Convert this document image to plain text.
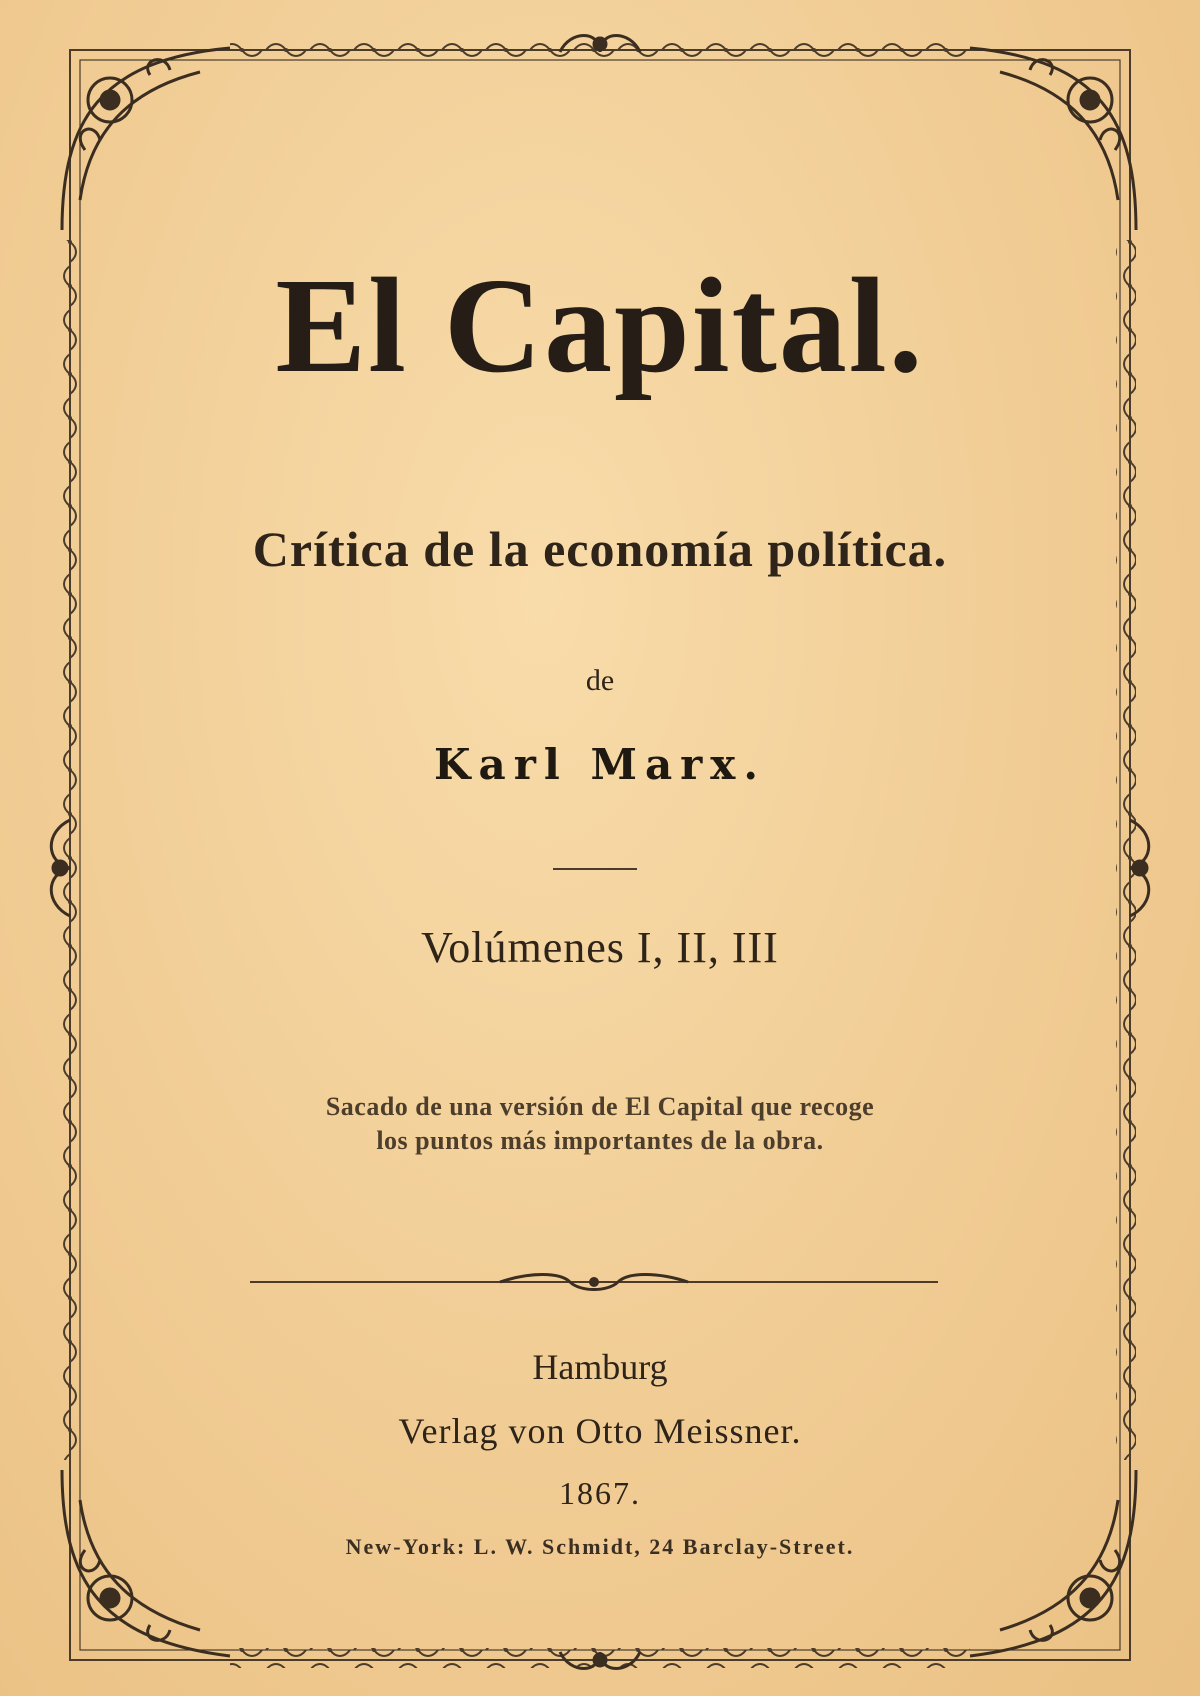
El Capital.
Crítica de la economía política.

de

Karl Marx.

Volúmenes I, II, III

Sacado de una versión de El Capital que recoge
los puntos más importantes de la obra.

Hamburg

Verlag von Otto Meissner.

1867.

New-York: L. W. Schmidt, 24 Barclay-Street.
